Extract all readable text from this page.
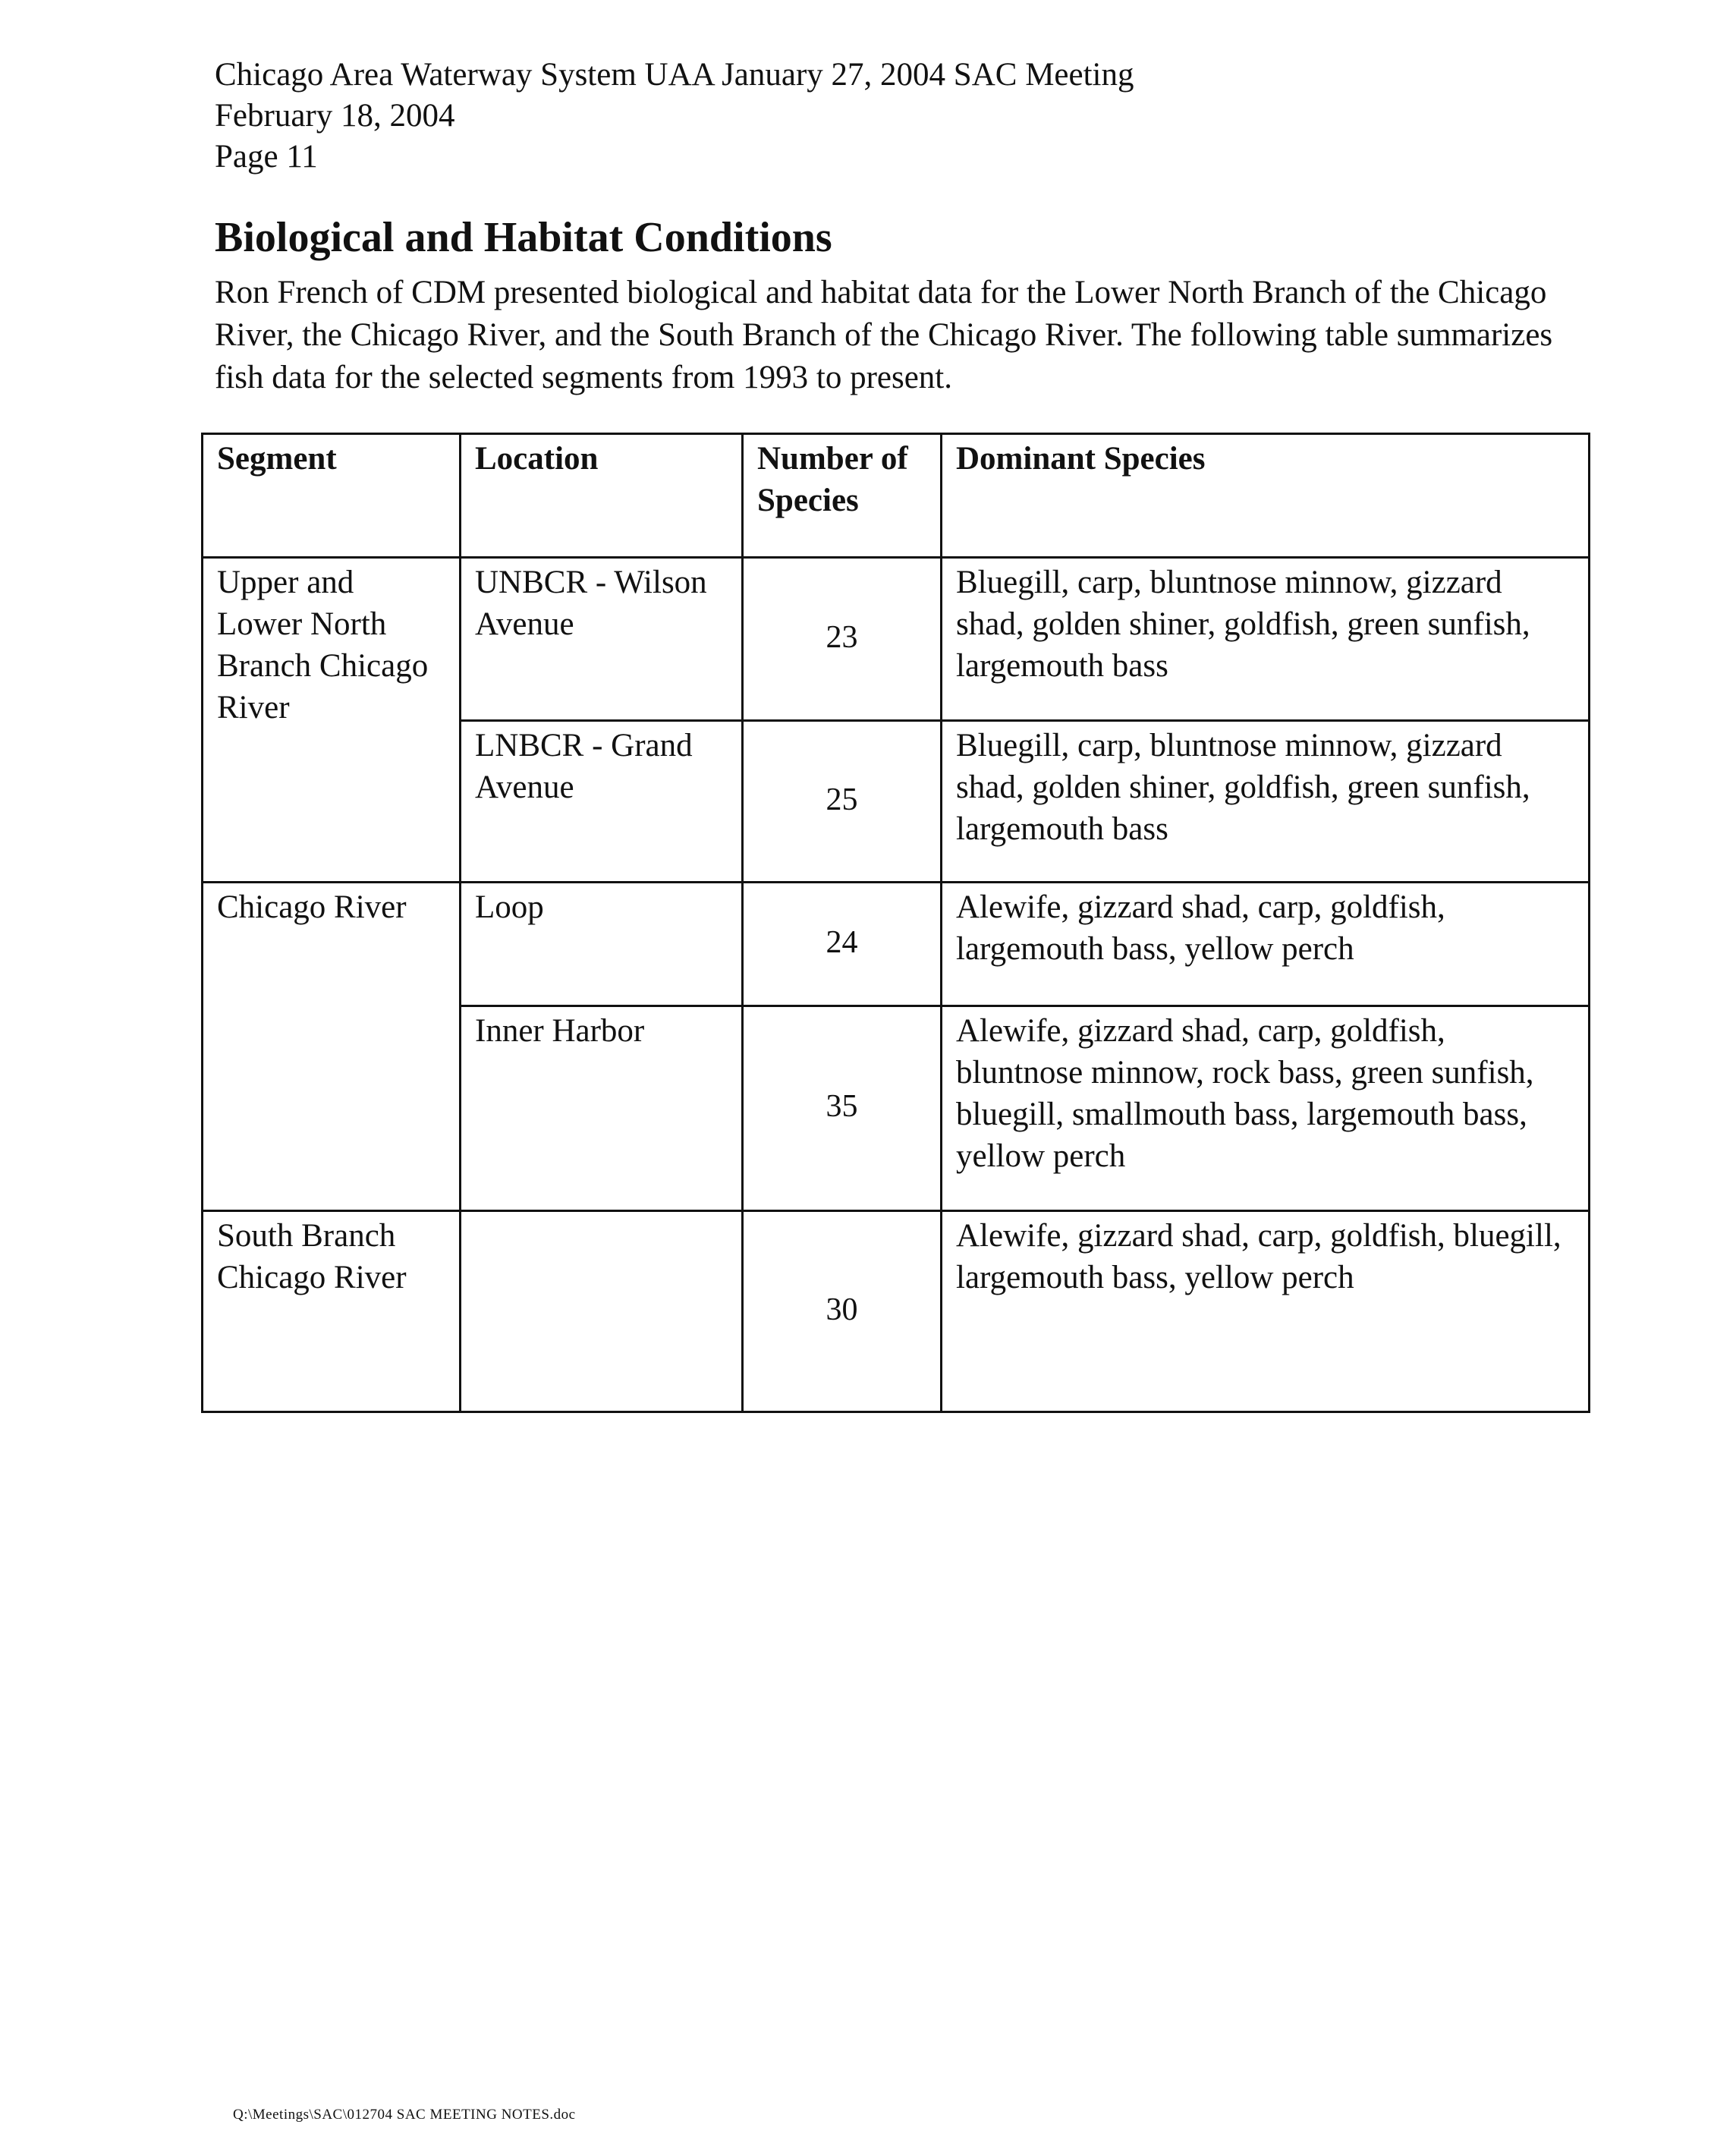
Chicago Area Waterway System UAA January 27, 2004 SAC Meeting
February 18, 2004
Page 11
Biological and Habitat Conditions

Ron French of CDM presented biological and habitat data for the Lower North Branch of the Chicago River, the Chicago River, and the South Branch of the Chicago River. The following table summarizes fish data for the selected segments from 1993 to present.

Segment	Location	Number of Species	Dominant Species
Upper and Lower North Branch Chicago River	UNBCR - Wilson Avenue	23	Bluegill, carp, bluntnose minnow, gizzard shad, golden shiner, goldfish, green sunfish, largemouth bass
	LNBCR - Grand Avenue	25	Bluegill, carp, bluntnose minnow, gizzard shad, golden shiner, goldfish, green sunfish, largemouth bass
Chicago River	Loop	24	Alewife, gizzard shad, carp, goldfish, largemouth bass, yellow perch
	Inner Harbor	35	Alewife, gizzard shad, carp, goldfish, bluntnose minnow, rock bass, green sunfish, bluegill, smallmouth bass, largemouth bass, yellow perch
South Branch Chicago River		30	Alewife, gizzard shad, carp, goldfish, bluegill, largemouth bass, yellow perch
Q:\Meetings\SAC\012704 SAC MEETING NOTES.doc
